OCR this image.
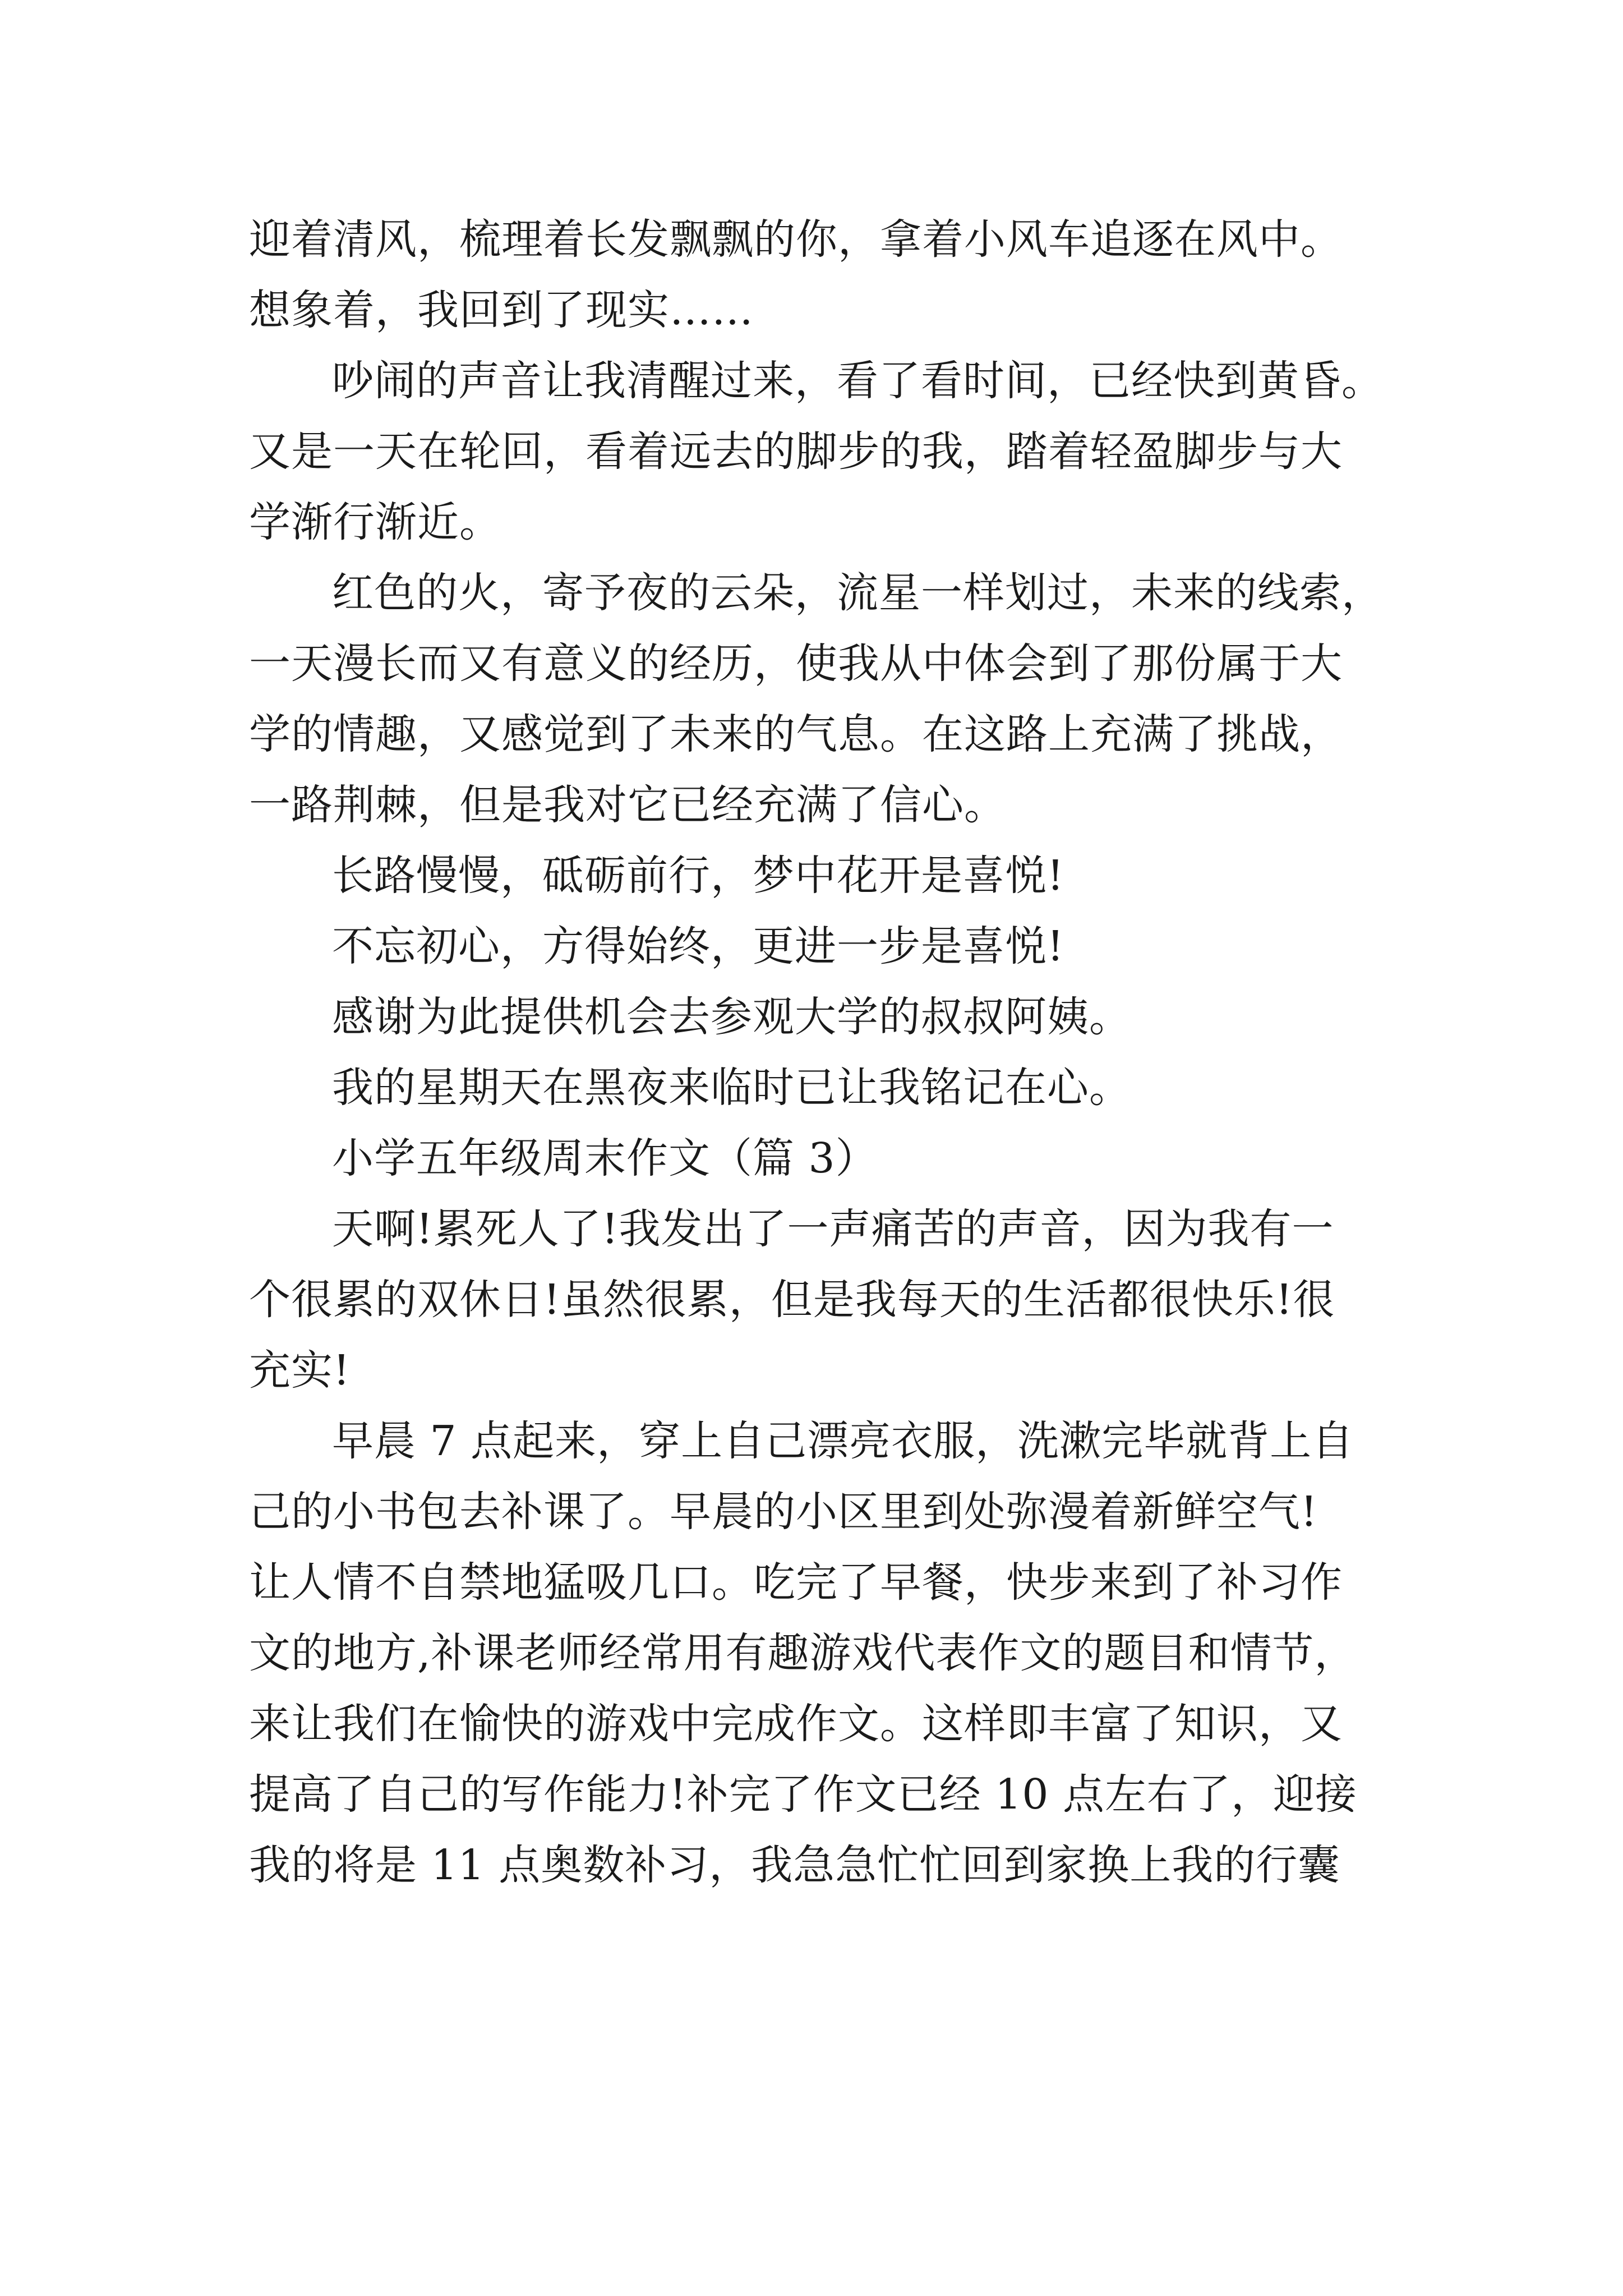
迎着清风，梳理着长发飘飘的你，拿着小风车追逐在风中。
想象着，我回到了现实……
吵闹的声音让我清醒过来，看了看时间，已经快到黄昏。
又是一天在轮回，看着远去的脚步的我，踏着轻盈脚步与大
学渐行渐近。
红色的火，寄予夜的云朵，流星一样划过，未来的线索，
一天漫长而又有意义的经历，使我从中体会到了那份属于大
学的情趣，又感觉到了未来的气息。在这路上充满了挑战，
一路荆棘，但是我对它已经充满了信心。
长路慢慢，砥砺前行，梦中花开是喜悦!
不忘初心，方得始终，更进一步是喜悦!
感谢为此提供机会去参观大学的叔叔阿姨。
我的星期天在黑夜来临时已让我铭记在心。
小学五年级周末作文（篇 3）
天啊!累死人了!我发出了一声痛苦的声音，因为我有一
个很累的双休日!虽然很累，但是我每天的生活都很快乐!很
充实!
早晨 7 点起来，穿上自己漂亮衣服，洗漱完毕就背上自
己的小书包去补课了。早晨的小区里到处弥漫着新鲜空气!
让人情不自禁地猛吸几口。吃完了早餐，快步来到了补习作
文的地方,补课老师经常用有趣游戏代表作文的题目和情节，
来让我们在愉快的游戏中完成作文。这样即丰富了知识，又
提高了自己的写作能力!补完了作文已经 10 点左右了，迎接
我的将是 11 点奥数补习，我急急忙忙回到家换上我的行囊
